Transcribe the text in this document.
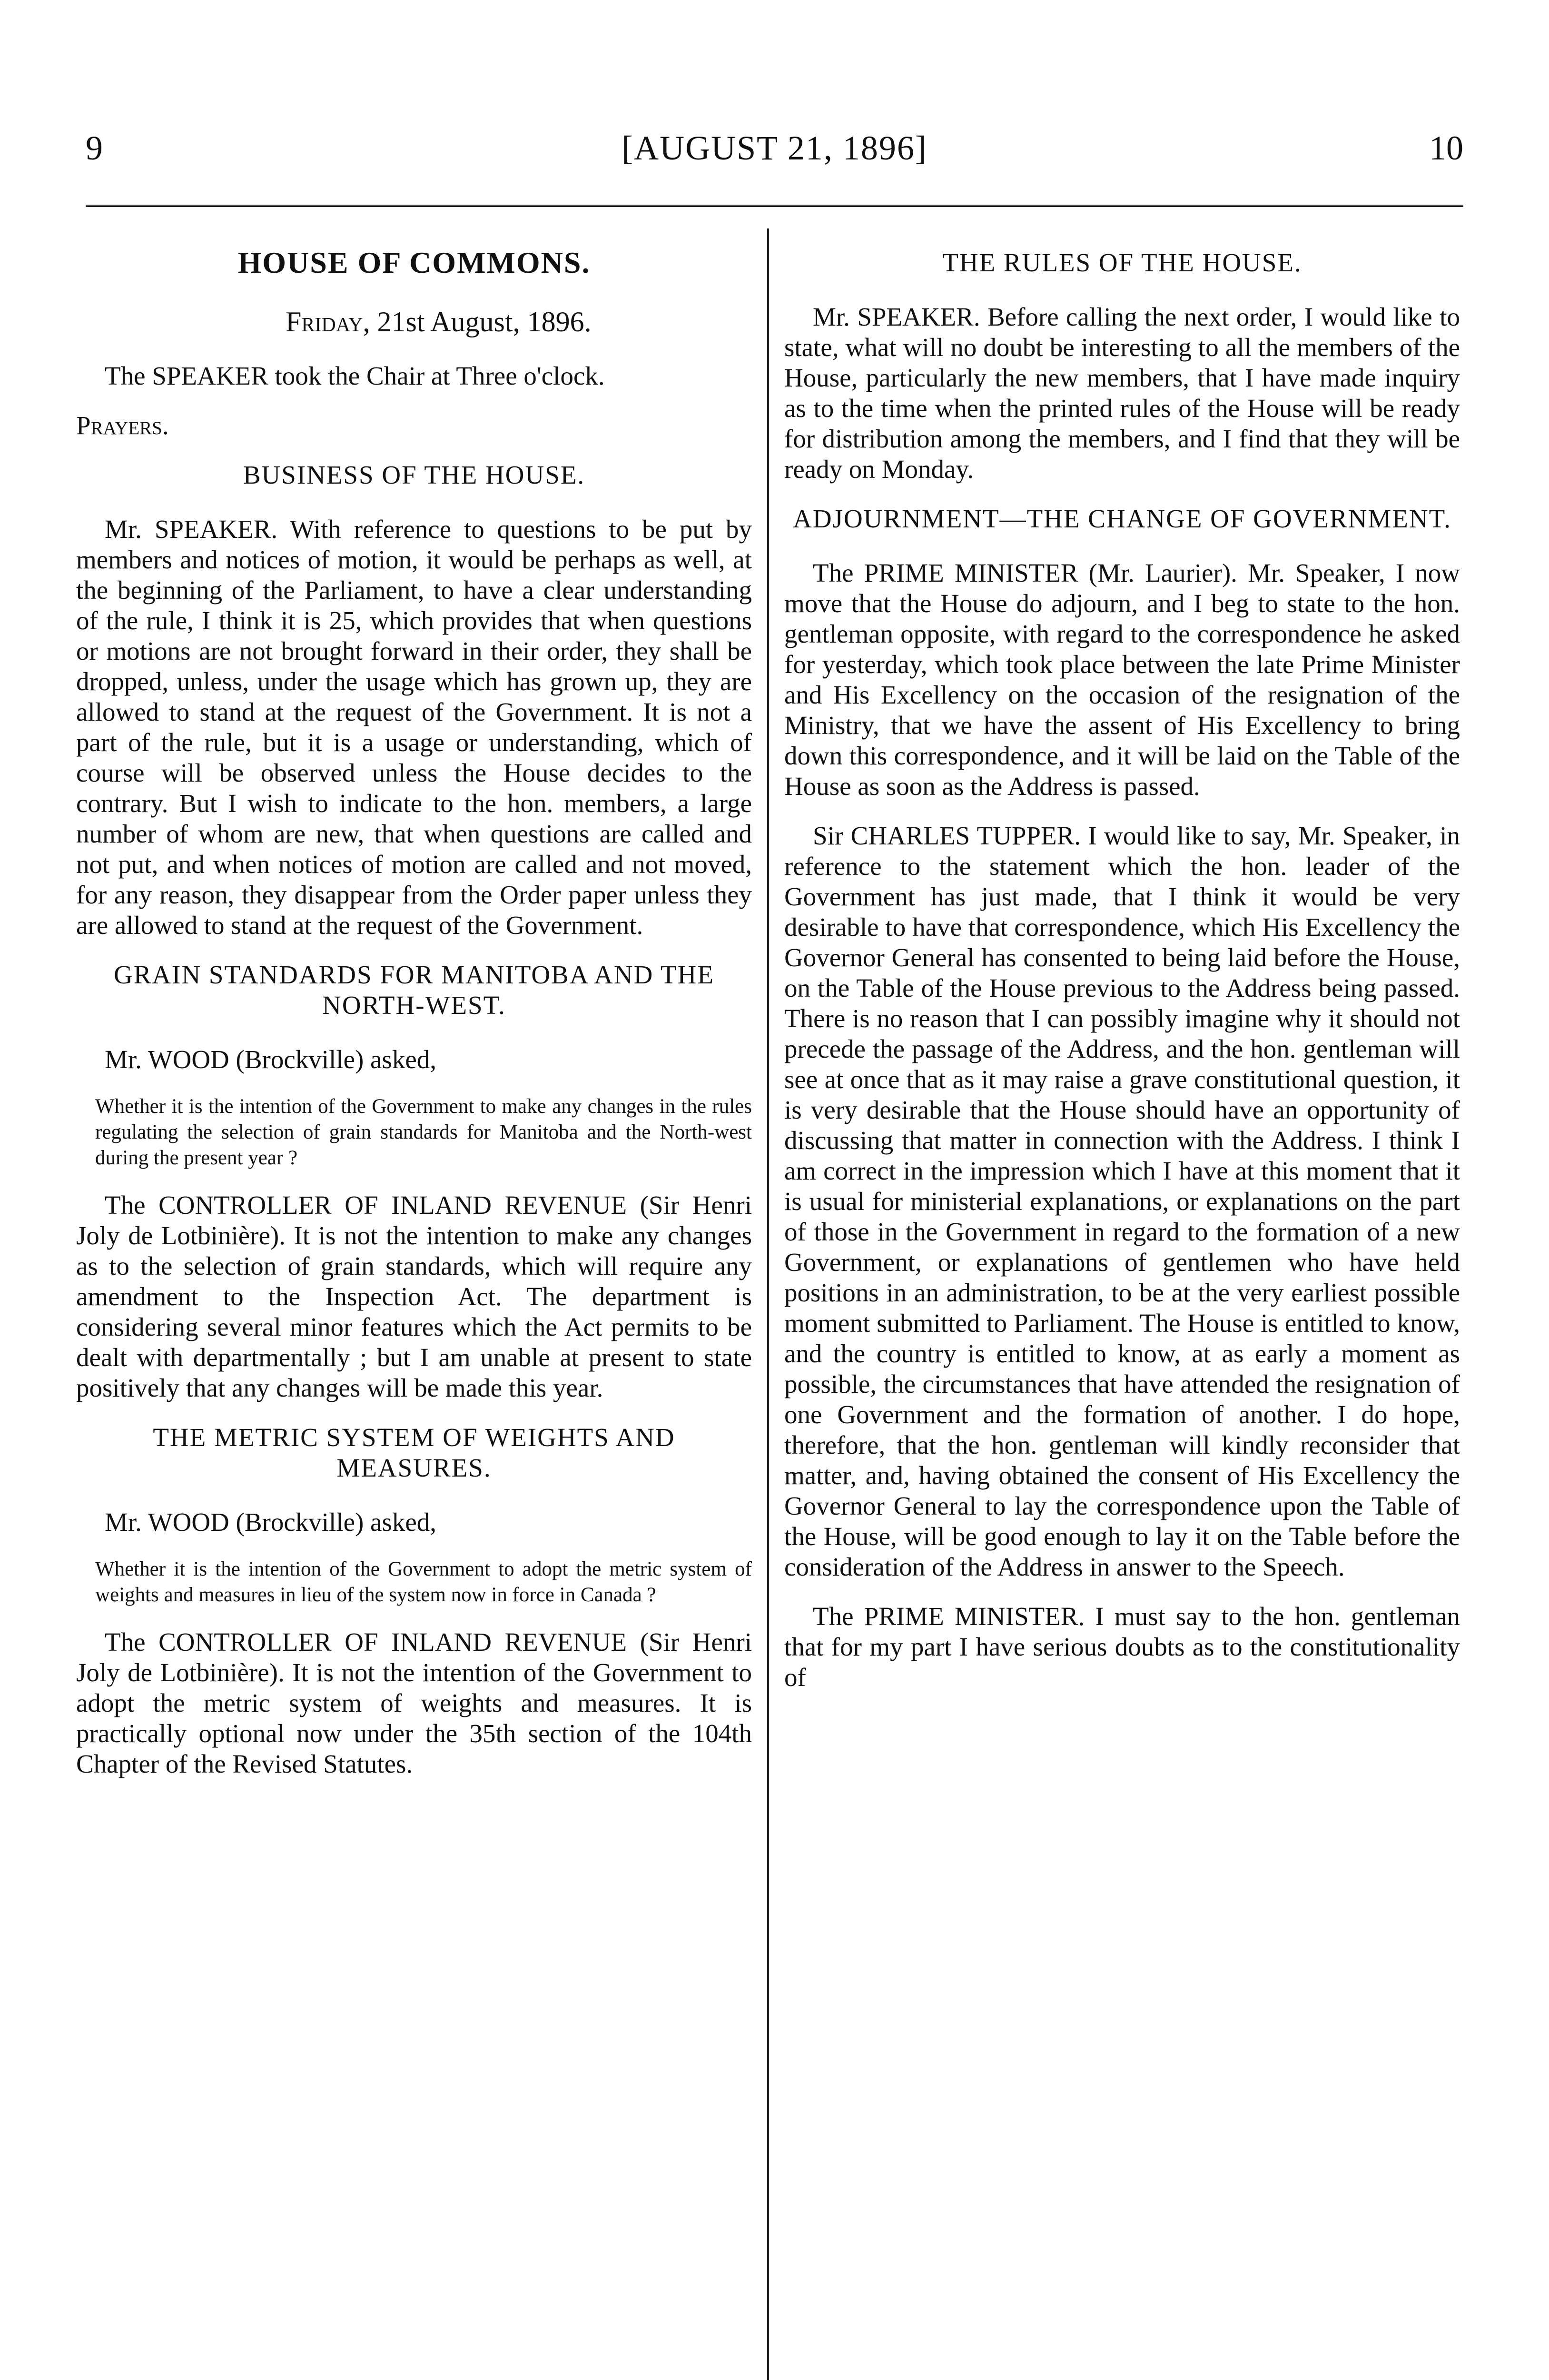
9	[AUGUST 21, 1896]	10
HOUSE OF COMMONS.
Friday, 21st August, 1896.

The SPEAKER took the Chair at Three o'clock.

Prayers.

BUSINESS OF THE HOUSE.

Mr. SPEAKER. With reference to questions to be put by members and notices of motion, it would be perhaps as well, at the beginning of the Parliament, to have a clear understanding of the rule, I think it is 25, which provides that when questions or motions are not brought forward in their order, they shall be dropped, unless, under the usage which has grown up, they are allowed to stand at the request of the Government. It is not a part of the rule, but it is a usage or understanding, which of course will be observed unless the House decides to the contrary. But I wish to indicate to the hon. members, a large number of whom are new, that when questions are called and not put, and when notices of motion are called and not moved, for any reason, they disappear from the Order paper unless they are allowed to stand at the request of the Government.

GRAIN STANDARDS FOR MANITOBA AND THE NORTH-WEST.

Mr. WOOD (Brockville) asked,

Whether it is the intention of the Government to make any changes in the rules regulating the selection of grain standards for Manitoba and the North-west during the present year ?

The CONTROLLER OF INLAND REVENUE (Sir Henri Joly de Lotbinière). It is not the intention to make any changes as to the selection of grain standards, which will require any amendment to the Inspection Act. The department is considering several minor features which the Act permits to be dealt with departmentally ; but I am unable at present to state positively that any changes will be made this year.

THE METRIC SYSTEM OF WEIGHTS AND MEASURES.

Mr. WOOD (Brockville) asked,

Whether it is the intention of the Government to adopt the metric system of weights and measures in lieu of the system now in force in Canada ?

The CONTROLLER OF INLAND REVENUE (Sir Henri Joly de Lotbinière). It is not the intention of the Government to adopt the metric system of weights and measures. It is practically optional now under the 35th section of the 104th Chapter of the Revised Statutes.

THE RULES OF THE HOUSE.

Mr. SPEAKER. Before calling the next order, I would like to state, what will no doubt be interesting to all the members of the House, particularly the new members, that I have made inquiry as to the time when the printed rules of the House will be ready for distribution among the members, and I find that they will be ready on Monday.

ADJOURNMENT—THE CHANGE OF GOVERNMENT.

The PRIME MINISTER (Mr. Laurier). Mr. Speaker, I now move that the House do adjourn, and I beg to state to the hon. gentleman opposite, with regard to the correspondence he asked for yesterday, which took place between the late Prime Minister and His Excellency on the occasion of the resignation of the Ministry, that we have the assent of His Excellency to bring down this correspondence, and it will be laid on the Table of the House as soon as the Address is passed.

Sir CHARLES TUPPER. I would like to say, Mr. Speaker, in reference to the statement which the hon. leader of the Government has just made, that I think it would be very desirable to have that correspondence, which His Excellency the Governor General has consented to being laid before the House, on the Table of the House previous to the Address being passed. There is no reason that I can possibly imagine why it should not precede the passage of the Address, and the hon. gentleman will see at once that as it may raise a grave constitutional question, it is very desirable that the House should have an opportunity of discussing that matter in connection with the Address. I think I am correct in the impression which I have at this moment that it is usual for ministerial explanations, or explanations on the part of those in the Government in regard to the formation of a new Government, or explanations of gentlemen who have held positions in an administration, to be at the very earliest possible moment submitted to Parliament. The House is entitled to know, and the country is entitled to know, at as early a moment as possible, the circumstances that have attended the resignation of one Government and the formation of another. I do hope, therefore, that the hon. gentleman will kindly reconsider that matter, and, having obtained the consent of His Excellency the Governor General to lay the correspondence upon the Table of the House, will be good enough to lay it on the Table before the consideration of the Address in answer to the Speech.

The PRIME MINISTER. I must say to the hon. gentleman that for my part I have serious doubts as to the constitutionality of
